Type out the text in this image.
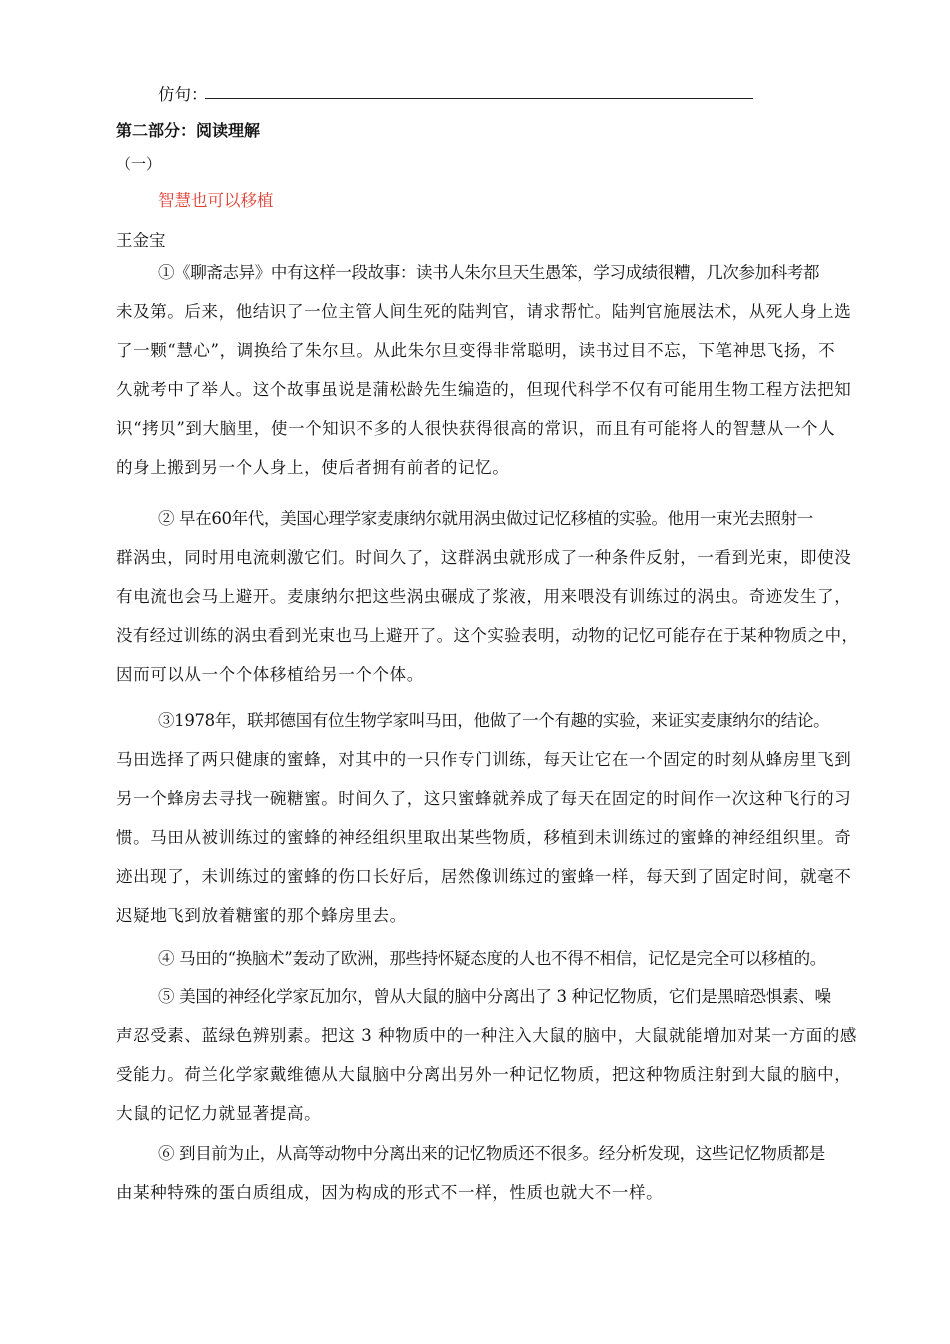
仿句：
第二部分：阅读理解
（一）
智慧也可以移植
王金宝
①《聊斋志异》中有这样一段故事：读书人朱尔旦天生愚笨，学习成绩很糟，几次参加科考都
未及第。后来，他结识了一位主管人间生死的陆判官，请求帮忙。陆判官施展法术，从死人身上选
了一颗“慧心”，调换给了朱尔旦。从此朱尔旦变得非常聪明，读书过目不忘，下笔神思飞扬，不
久就考中了举人。这个故事虽说是蒲松龄先生编造的，但现代科学不仅有可能用生物工程方法把知
识“拷贝”到大脑里，使一个知识不多的人很快获得很高的常识，而且有可能将人的智慧从一个人
的身上搬到另一个人身上，使后者拥有前者的记忆。
② 早在60年代，美国心理学家麦康纳尔就用涡虫做过记忆移植的实验。他用一束光去照射一
群涡虫，同时用电流刺激它们。时间久了，这群涡虫就形成了一种条件反射，一看到光束，即使没
有电流也会马上避开。麦康纳尔把这些涡虫碾成了浆液，用来喂没有训练过的涡虫。奇迹发生了，
没有经过训练的涡虫看到光束也马上避开了。这个实验表明，动物的记忆可能存在于某种物质之中，
因而可以从一个个体移植给另一个个体。
③1978年，联邦德国有位生物学家叫马田，他做了一个有趣的实验，来证实麦康纳尔的结论。
马田选择了两只健康的蜜蜂，对其中的一只作专门训练，每天让它在一个固定的时刻从蜂房里飞到
另一个蜂房去寻找一碗糖蜜。时间久了，这只蜜蜂就养成了每天在固定的时间作一次这种飞行的习
惯。马田从被训练过的蜜蜂的神经组织里取出某些物质，移植到未训练过的蜜蜂的神经组织里。奇
迹出现了，未训练过的蜜蜂的伤口长好后，居然像训练过的蜜蜂一样，每天到了固定时间，就毫不
迟疑地飞到放着糖蜜的那个蜂房里去。
④ 马田的“换脑术”轰动了欧洲，那些持怀疑态度的人也不得不相信，记忆是完全可以移植的。
⑤ 美国的神经化学家瓦加尔，曾从大鼠的脑中分离出了 3 种记忆物质，它们是黑暗恐惧素、噪
声忍受素、蓝绿色辨别素。把这 3 种物质中的一种注入大鼠的脑中，大鼠就能增加对某一方面的感
受能力。荷兰化学家戴维德从大鼠脑中分离出另外一种记忆物质，把这种物质注射到大鼠的脑中，
大鼠的记忆力就显著提高。
⑥ 到目前为止，从高等动物中分离出来的记忆物质还不很多。经分析发现，这些记忆物质都是
由某种特殊的蛋白质组成，因为构成的形式不一样，性质也就大不一样。
